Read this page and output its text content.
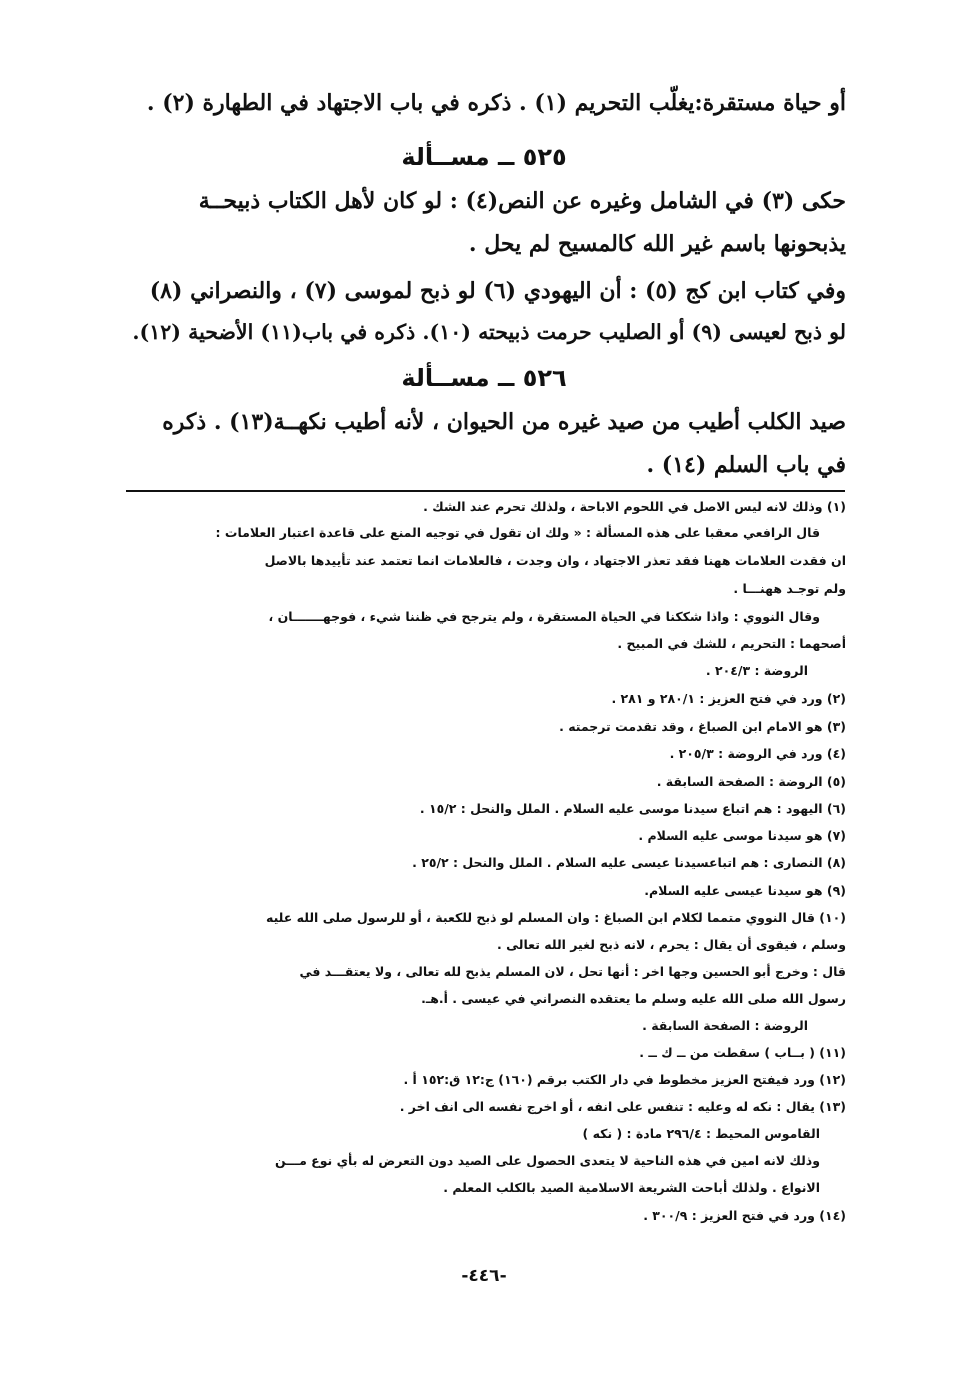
أو حياة مستقرة:يغلّب التحريم (١) . ذكره في باب الاجتهاد في الطهارة (٢) .
٥٢٥ ــ مســألة
حكى (٣) في الشامل وغيره عن النص(٤) : لو كان لأهل الكتاب ذبيحــة
يذبحونها باسم غير الله كالمسيح لم يحل .
وفي كتاب ابن كج (٥) : أن اليهودي (٦) لو ذبح لموسى (٧) ، والنصراني (٨)
لو ذبح لعيسى (٩) أو الصليب حرمت ذبيحته (١٠). ذكره في باب(١١) الأضحية (١٢).
٥٢٦ ــ مســألة
صيد الكلب أطيب من صيد غيره من الحيوان ، لأنه أطيب نكهــة(١٣) . ذكره
في باب السلم (١٤) .
(١) وذلك لانه ليس الاصل في اللحوم الاباحة ، ولذلك تحرم عند الشك .
قال الرافعي معقبا على هذه المسألة : « ولك ان تقول في توجيه المنع على قاعدة اعتبار العلامات :
ان فقدت العلامات ههنا فقد تعذر الاجتهاد ، وان وجدت ، فالعلامات انما تعتمد عند تأييدها بالاصل
ولم توجـد ههنـــا .
وقال النووي : واذا شككنا في الحياة المستقرة ، ولم يترجح في ظننا شيء ، فوجهـــــــان ،
أصحهما : التحريم ، للشك في المبيح .
الروضة : ٢٠٤/٣ .
(٢) ورد في فتح العزيز : ٢٨٠/١ و ٢٨١ .
(٣) هو الامام ابن الصباغ ، وقد تقدمت ترجمته .
(٤) ورد في الروضة : ٢٠٥/٣ .
(٥) الروضة : الصفحة السابقة .
(٦) اليهود : هم اتباع سيدنا موسى عليه السلام . الملل والنحل : ١٥/٢ .
(٧) هو سيدنا موسى عليه السلام .
(٨) النصارى : هم اتباعسيدنا عيسى عليه السلام . الملل والنحل : ٢٥/٢ .
(٩) هو سيدنا عيسى عليه السلام.
(١٠) قال النووي متمما لكلام ابن الصباغ : وان المسلم لو ذبح للكعبة ، أو للرسول صلى الله عليه
وسلم ، فيقوى أن يقال : يحرم ، لانه ذبح لغير الله تعالى .
قال : وخرج أبو الحسين وجها اخر : أنها تحل ، لان المسلم يذبح لله تعالى ، ولا يعتقـــد في
رسول الله صلى الله عليه وسلم ما يعتقده النصراني في عيسى . أ.هـ.
الروضة : الصفحة السابقة .
(١١) ( بــاب ) سقطت من ــ ك ــ .
(١٢) ورد فيفتح العزيز مخطوط في دار الكتب برقم (١٦٠) ج:١٢ ق:١٥٢ أ .
(١٣) يقال : نكه له وعليه : تنفس على انفه ، أو اخرج نفسه الى انف اخر .
القاموس المحيط : ٢٩٦/٤ مادة : ( نكه )
وذلك لانه امين في هذه الناحية لا يتعدى الحصول على الصيد دون التعرض له بأي نوع مـــن
الانواع . ولذلك أباحت الشريعة الاسلامية الصيد بالكلب المعلم .
(١٤) ورد في فتح العزيز : ٣٠٠/٩ .
-٤٤٦-
